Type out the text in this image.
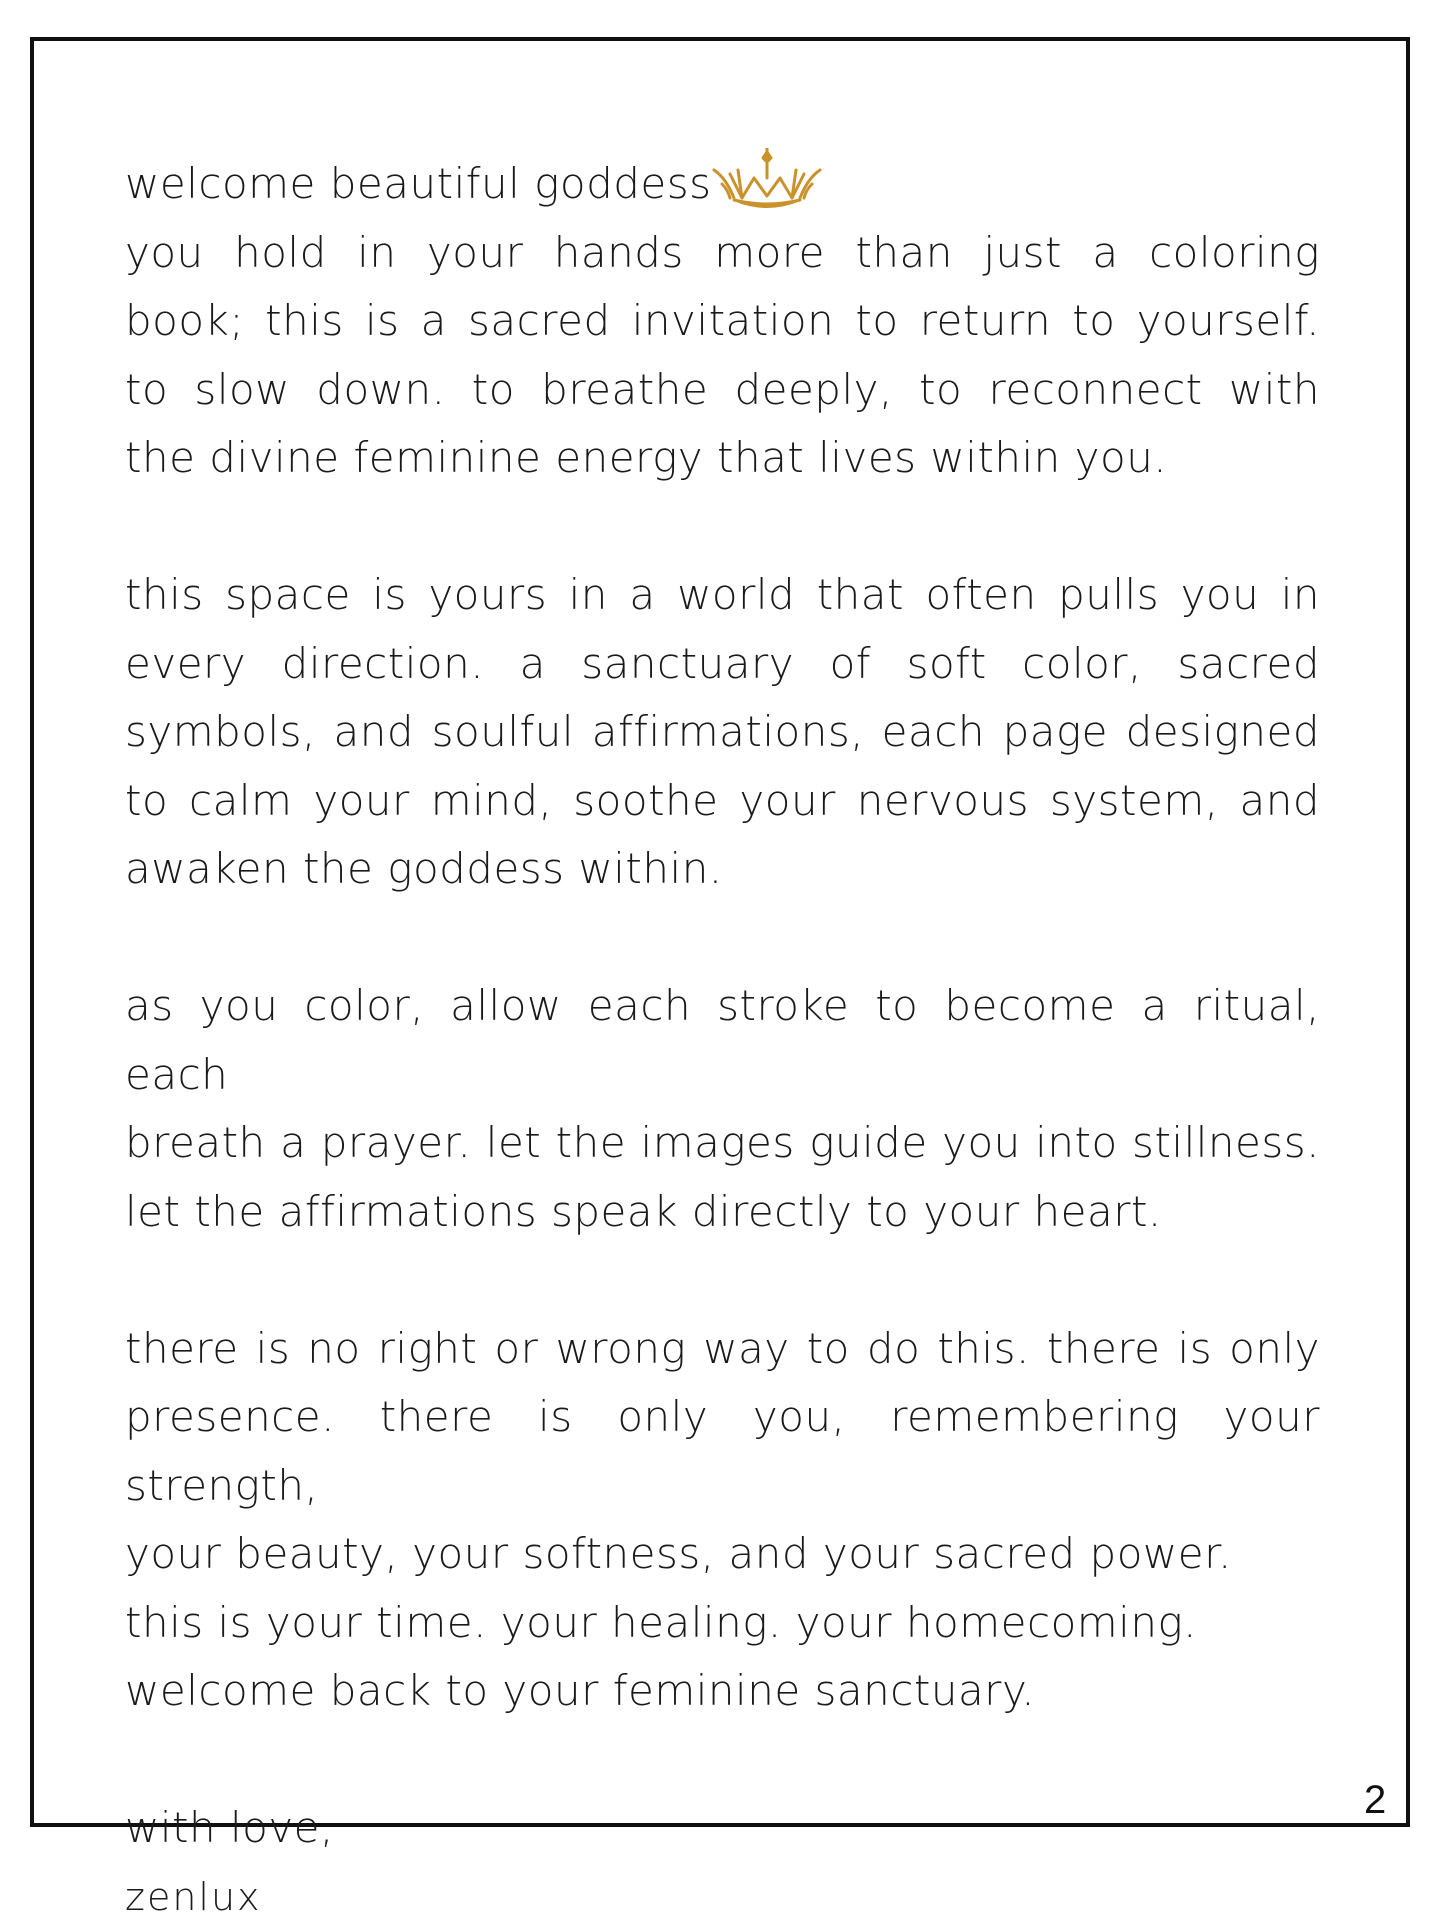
welcome beautiful goddess

you hold in your hands more than just a coloring
book; this is a sacred invitation to return to yourself.
to slow down. to breathe deeply, to reconnect with
the divine feminine energy that lives within you.

this space is yours in a world that often pulls you in
every direction. a sanctuary of soft color, sacred
symbols, and soulful affirmations, each page designed
to calm your mind, soothe your nervous system, and
awaken the goddess within.

as you color, allow each stroke to become a ritual, each
breath a prayer. let the images guide you into stillness.
let the affirmations speak directly to your heart.

there is no right or wrong way to do this. there is only
presence. there is only you, remembering your strength,
your beauty, your softness, and your sacred power.
this is your time. your healing. your homecoming.
welcome back to your feminine sanctuary.

with love,
zenlux
2
